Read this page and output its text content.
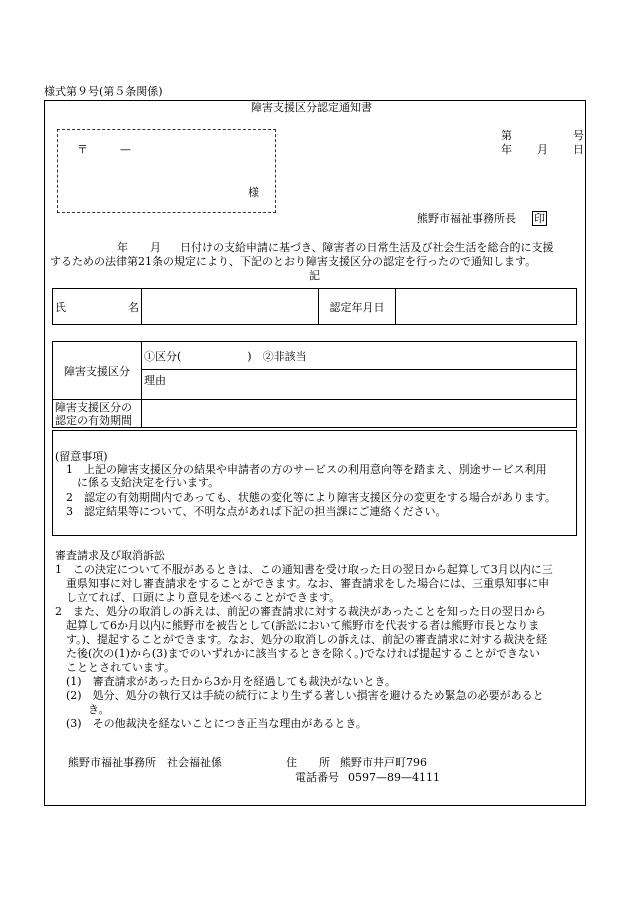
様式第９号(第５条関係)
障害支援区分認定通知書
〒	—
様
第	号
年 月 日
熊野市福祉事務所長 印
年 月 日付けの支給申請に基づき、障害者の日常生活及び社会生活を総合的に支援
するための法律第21条の規定により、下記のとおり障害支援区分の認定を行ったので通知します。
記
氏	名		認定年月日	
障害支援区分	①区分(　　　　　　)　②非該当
	理由
障害支援区分の
認定の有効期間	
(留意事項)
　1　上記の障害支援区分の結果や申請者の方のサービスの利用意向等を踏まえ、別途サービス利用
　　に係る支給決定を行います。
　2　認定の有効期間内であっても、状態の変化等により障害支援区分の変更をする場合があります。
　3　認定結果等について、不明な点があれば下記の担当課にご連絡ください。
審査請求及び取消訴訟
1　この決定について不服があるときは、この通知書を受け取った日の翌日から起算して3月以内に三
　重県知事に対し審査請求をすることができます。なお、審査請求をした場合には、三重県知事に申
　し立てれば、口頭により意見を述べることができます。
2　また、処分の取消しの訴えは、前記の審査請求に対する裁決があったことを知った日の翌日から
　起算して6か月以内に熊野市を被告として(訴訟において熊野市を代表する者は熊野市長となりま
　す。)、提起することができます。なお、処分の取消しの訴えは、前記の審査請求に対する裁決を経
　た後(次の(1)から(3)までのいずれかに該当するときを除く。)でなければ提起することができない
　こととされています。
　(1)　審査請求があった日から3か月を経過しても裁決がないとき。
　(2)　処分、処分の執行又は手続の続行により生ずる著しい損害を避けるため緊急の必要があると
　　　き。
　(3)　その他裁決を経ないことにつき正当な理由があるとき。
熊野市福祉事務所　社会福祉係	住　　所 熊野市井戸町796
電話番号 0597—89—4111
